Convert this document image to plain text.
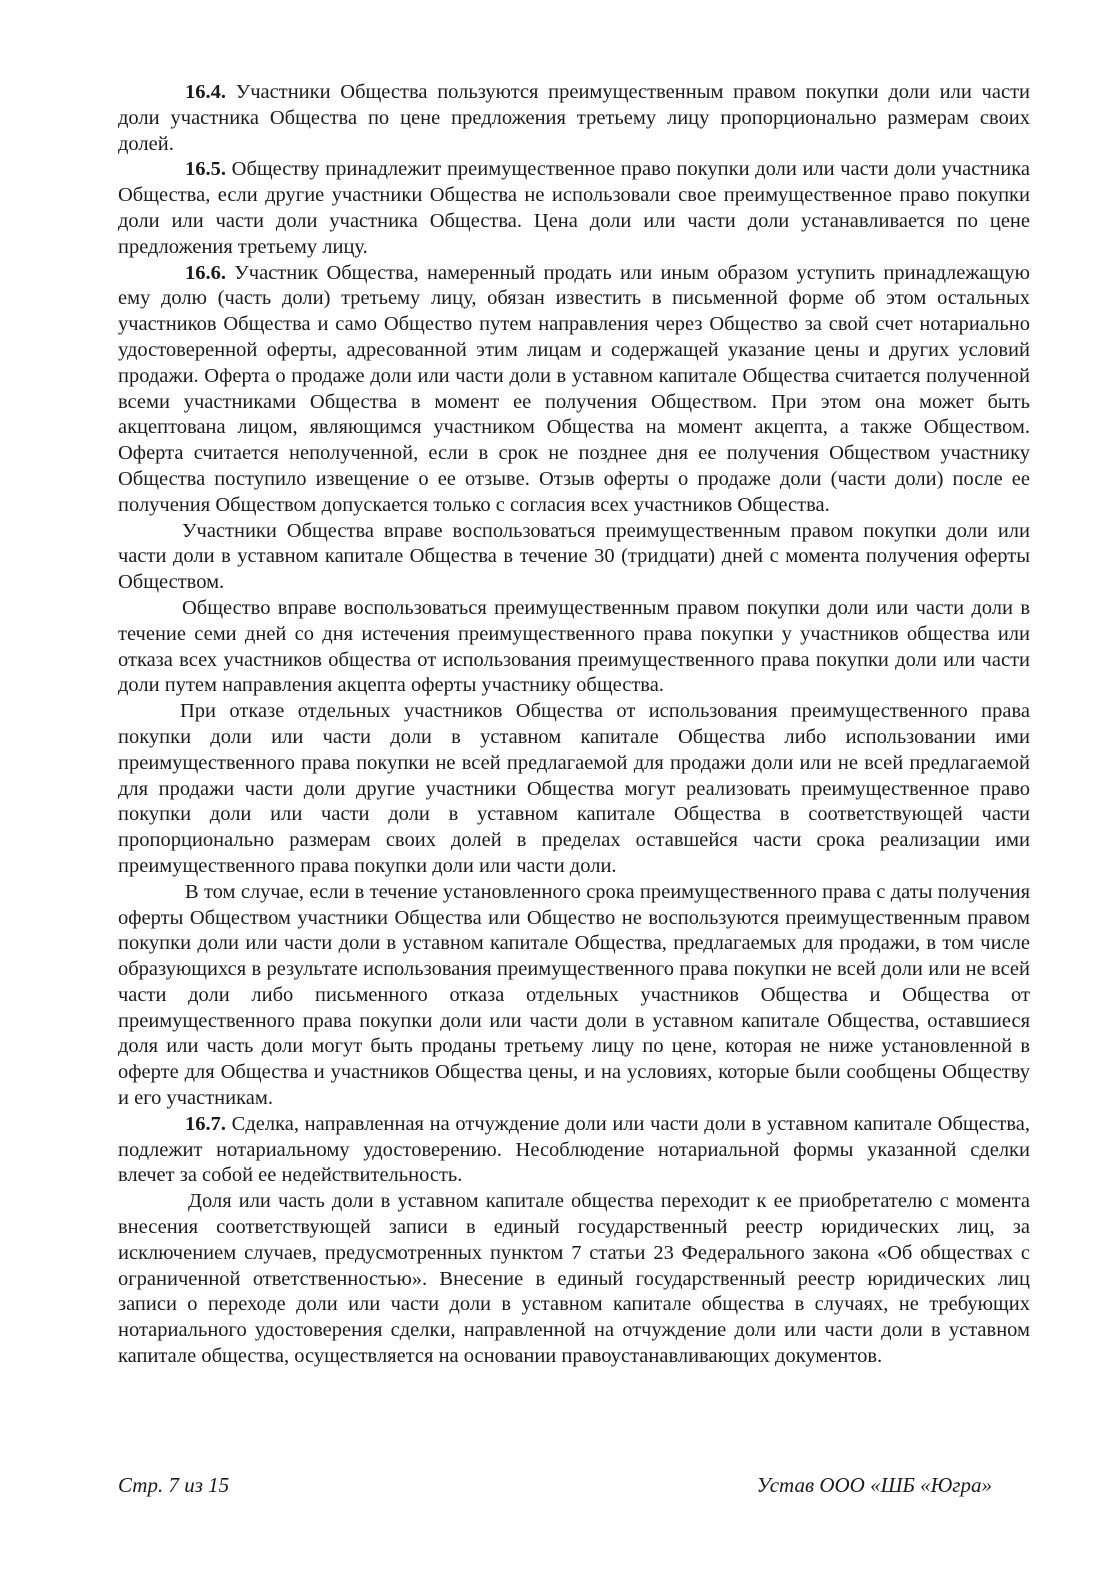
16.4. Участники Общества пользуются преимущественным правом покупки доли или части доли участника Общества по цене предложения третьему лицу пропорционально размерам своих долей.

16.5. Обществу принадлежит преимущественное право покупки доли или части доли участника Общества, если другие участники Общества не использовали свое преимущественное право покупки доли или части доли участника Общества. Цена доли или части доли устанавливается по цене предложения третьему лицу.

16.6. Участник Общества, намеренный продать или иным образом уступить принадлежащую ему долю (часть доли) третьему лицу, обязан известить в письменной форме об этом остальных участников Общества и само Общество путем направления через Общество за свой счет нотариально удостоверенной оферты, адресованной этим лицам и содержащей указание цены и других условий продажи. Оферта о продаже доли или части доли в уставном капитале Общества считается полученной всеми участниками Общества в момент ее получения Обществом. При этом она может быть акцептована лицом, являющимся участником Общества на момент акцепта, а также Обществом. Оферта считается неполученной, если в срок не позднее дня ее получения Обществом участнику Общества поступило извещение о ее отзыве. Отзыв оферты о продаже доли (части доли) после ее получения Обществом допускается только с согласия всех участников Общества.

Участники Общества вправе воспользоваться преимущественным правом покупки доли или части доли в уставном капитале Общества в течение 30 (тридцати) дней с момента получения оферты Обществом.

Общество вправе воспользоваться преимущественным правом покупки доли или части доли в течение семи дней со дня истечения преимущественного права покупки у участников общества или отказа всех участников общества от использования преимущественного права покупки доли или части доли путем направления акцепта оферты участнику общества.

При отказе отдельных участников Общества от использования преимущественного права покупки доли или части доли в уставном капитале Общества либо использовании ими преимущественного права покупки не всей предлагаемой для продажи доли или не всей предлагаемой для продажи части доли другие участники Общества могут реализовать преимущественное право покупки доли или части доли в уставном капитале Общества в соответствующей части пропорционально размерам своих долей в пределах оставшейся части срока реализации ими преимущественного права покупки доли или части доли.

В том случае, если в течение установленного срока преимущественного права с даты получения оферты Обществом участники Общества или Общество не воспользуются преимущественным правом покупки доли или части доли в уставном капитале Общества, предлагаемых для продажи, в том числе образующихся в результате использования преимущественного права покупки не всей доли или не всей части доли либо письменного отказа отдельных участников Общества и Общества от преимущественного права покупки доли или части доли в уставном капитале Общества, оставшиеся доля или часть доли могут быть проданы третьему лицу по цене, которая не ниже установленной в оферте для Общества и участников Общества цены, и на условиях, которые были сообщены Обществу и его участникам.

16.7. Сделка, направленная на отчуждение доли или части доли в уставном капитале Общества, подлежит нотариальному удостоверению. Несоблюдение нотариальной формы указанной сделки влечет за собой ее недействительность.

Доля или часть доли в уставном капитале общества переходит к ее приобретателю с момента внесения соответствующей записи в единый государственный реестр юридических лиц, за исключением случаев, предусмотренных пунктом 7 статьи 23 Федерального закона «Об обществах с ограниченной ответственностью». Внесение в единый государственный реестр юридических лиц записи о переходе доли или части доли в уставном капитале общества в случаях, не требующих нотариального удостоверения сделки, направленной на отчуждение доли или части доли в уставном капитале общества, осуществляется на основании правоустанавливающих документов.

Стр. 7 из 15	Устав ООО «ШБ «Югра»
